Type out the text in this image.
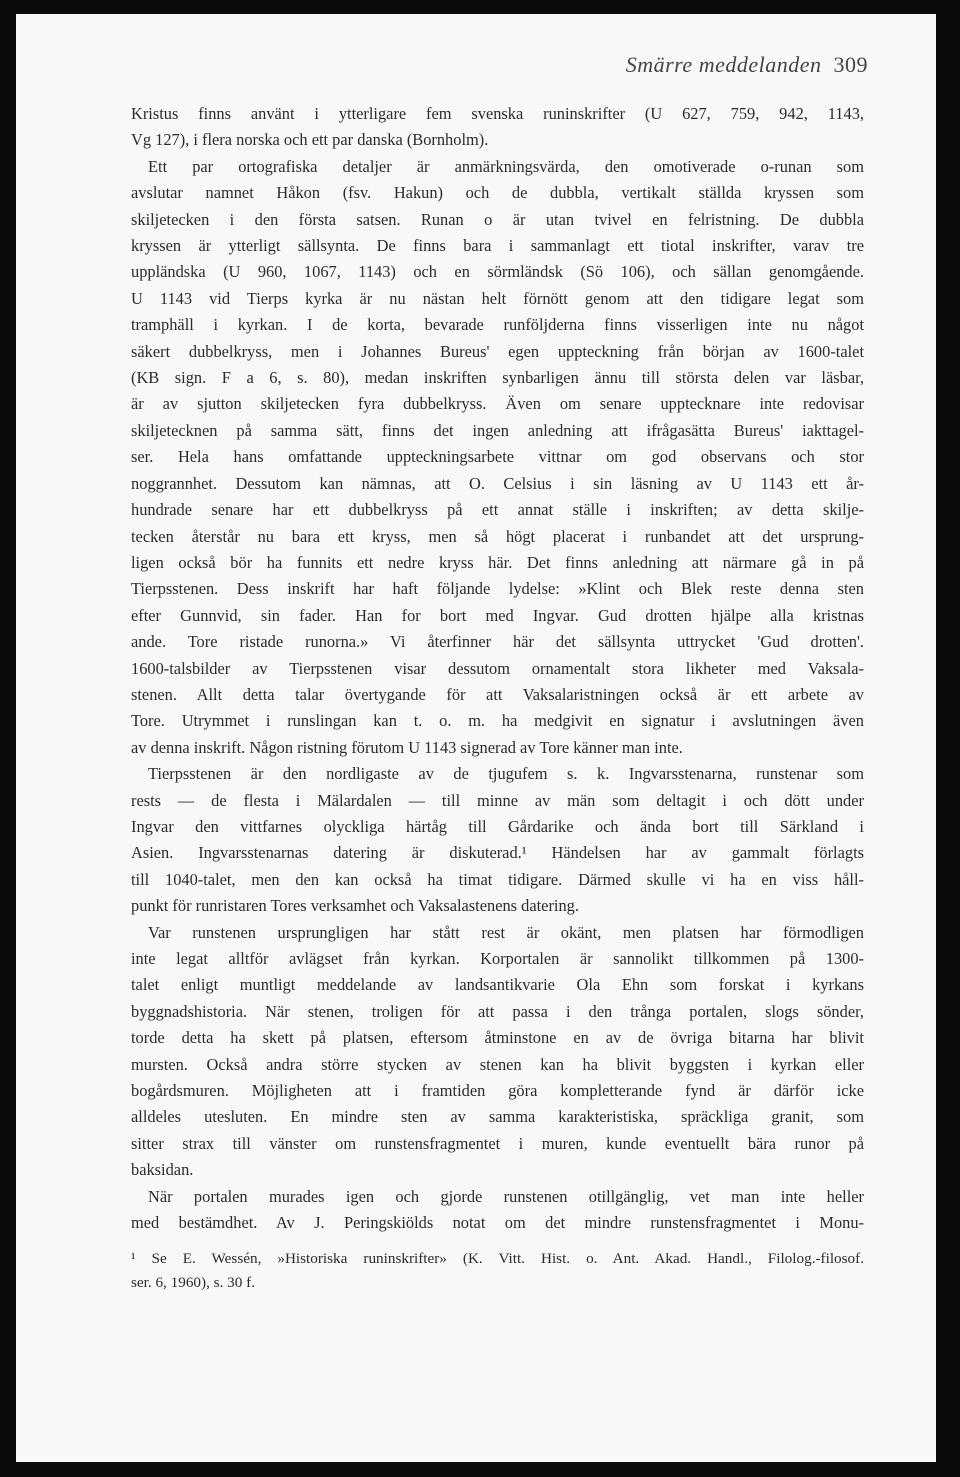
Smärre meddelanden 309
Kristus finns använt i ytterligare fem svenska runinskrifter (U 627, 759, 942, 1143,
Vg 127), i flera norska och ett par danska (Bornholm).
Ett par ortografiska detaljer är anmärkningsvärda, den omotiverade o-runan som
avslutar namnet Håkon (fsv. Hakun) och de dubbla, vertikalt ställda kryssen som
skiljetecken i den första satsen. Runan o är utan tvivel en felristning. De dubbla
kryssen är ytterligt sällsynta. De finns bara i sammanlagt ett tiotal inskrifter, varav tre
uppländska (U 960, 1067, 1143) och en sörmländsk (Sö 106), och sällan genomgående.
U 1143 vid Tierps kyrka är nu nästan helt förnött genom att den tidigare legat som
tramphäll i kyrkan. I de korta, bevarade runföljderna finns visserligen inte nu något
säkert dubbelkryss, men i Johannes Bureus' egen uppteckning från början av 1600-talet
(KB sign. F a 6, s. 80), medan inskriften synbarligen ännu till största delen var läsbar,
är av sjutton skiljetecken fyra dubbelkryss. Även om senare upptecknare inte redovisar
skiljetecknen på samma sätt, finns det ingen anledning att ifrågasätta Bureus' iakttagel-
ser. Hela hans omfattande uppteckningsarbete vittnar om god observans och stor
noggrannhet. Dessutom kan nämnas, att O. Celsius i sin läsning av U 1143 ett år-
hundrade senare har ett dubbelkryss på ett annat ställe i inskriften; av detta skilje-
tecken återstår nu bara ett kryss, men så högt placerat i runbandet att det ursprung-
ligen också bör ha funnits ett nedre kryss här. Det finns anledning att närmare gå in på
Tierpsstenen. Dess inskrift har haft följande lydelse: »Klint och Blek reste denna sten
efter Gunnvid, sin fader. Han for bort med Ingvar. Gud drotten hjälpe alla kristnas
ande. Tore ristade runorna.» Vi återfinner här det sällsynta uttrycket 'Gud drotten'.
1600-talsbilder av Tierpsstenen visar dessutom ornamentalt stora likheter med Vaksala-
stenen. Allt detta talar övertygande för att Vaksalaristningen också är ett arbete av
Tore. Utrymmet i runslingan kan t. o. m. ha medgivit en signatur i avslutningen även
av denna inskrift. Någon ristning förutom U 1143 signerad av Tore känner man inte.
Tierpsstenen är den nordligaste av de tjugufem s. k. Ingvarsstenarna, runstenar som
rests — de flesta i Mälardalen — till minne av män som deltagit i och dött under
Ingvar den vittfarnes olyckliga härtåg till Gårdarike och ända bort till Särkland i
Asien. Ingvarsstenarnas datering är diskuterad.¹ Händelsen har av gammalt förlagts
till 1040-talet, men den kan också ha timat tidigare. Därmed skulle vi ha en viss håll-
punkt för runristaren Tores verksamhet och Vaksalastenens datering.
Var runstenen ursprungligen har stått rest är okänt, men platsen har förmodligen
inte legat alltför avlägset från kyrkan. Korportalen är sannolikt tillkommen på 1300-
talet enligt muntligt meddelande av landsantikvarie Ola Ehn som forskat i kyrkans
byggnadshistoria. När stenen, troligen för att passa i den trånga portalen, slogs sönder,
torde detta ha skett på platsen, eftersom åtminstone en av de övriga bitarna har blivit
mursten. Också andra större stycken av stenen kan ha blivit byggsten i kyrkan eller
bogårdsmuren. Möjligheten att i framtiden göra kompletterande fynd är därför icke
alldeles utesluten. En mindre sten av samma karakteristiska, spräckliga granit, som
sitter strax till vänster om runstensfragmentet i muren, kunde eventuellt bära runor på
baksidan.
När portalen murades igen och gjorde runstenen otillgänglig, vet man inte heller
med bestämdhet. Av J. Peringskiölds notat om det mindre runstensfragmentet i Monu-
¹ Se E. Wessén, »Historiska runinskrifter» (K. Vitt. Hist. o. Ant. Akad. Handl., Filolog.-filosof.
ser. 6, 1960), s. 30 f.
